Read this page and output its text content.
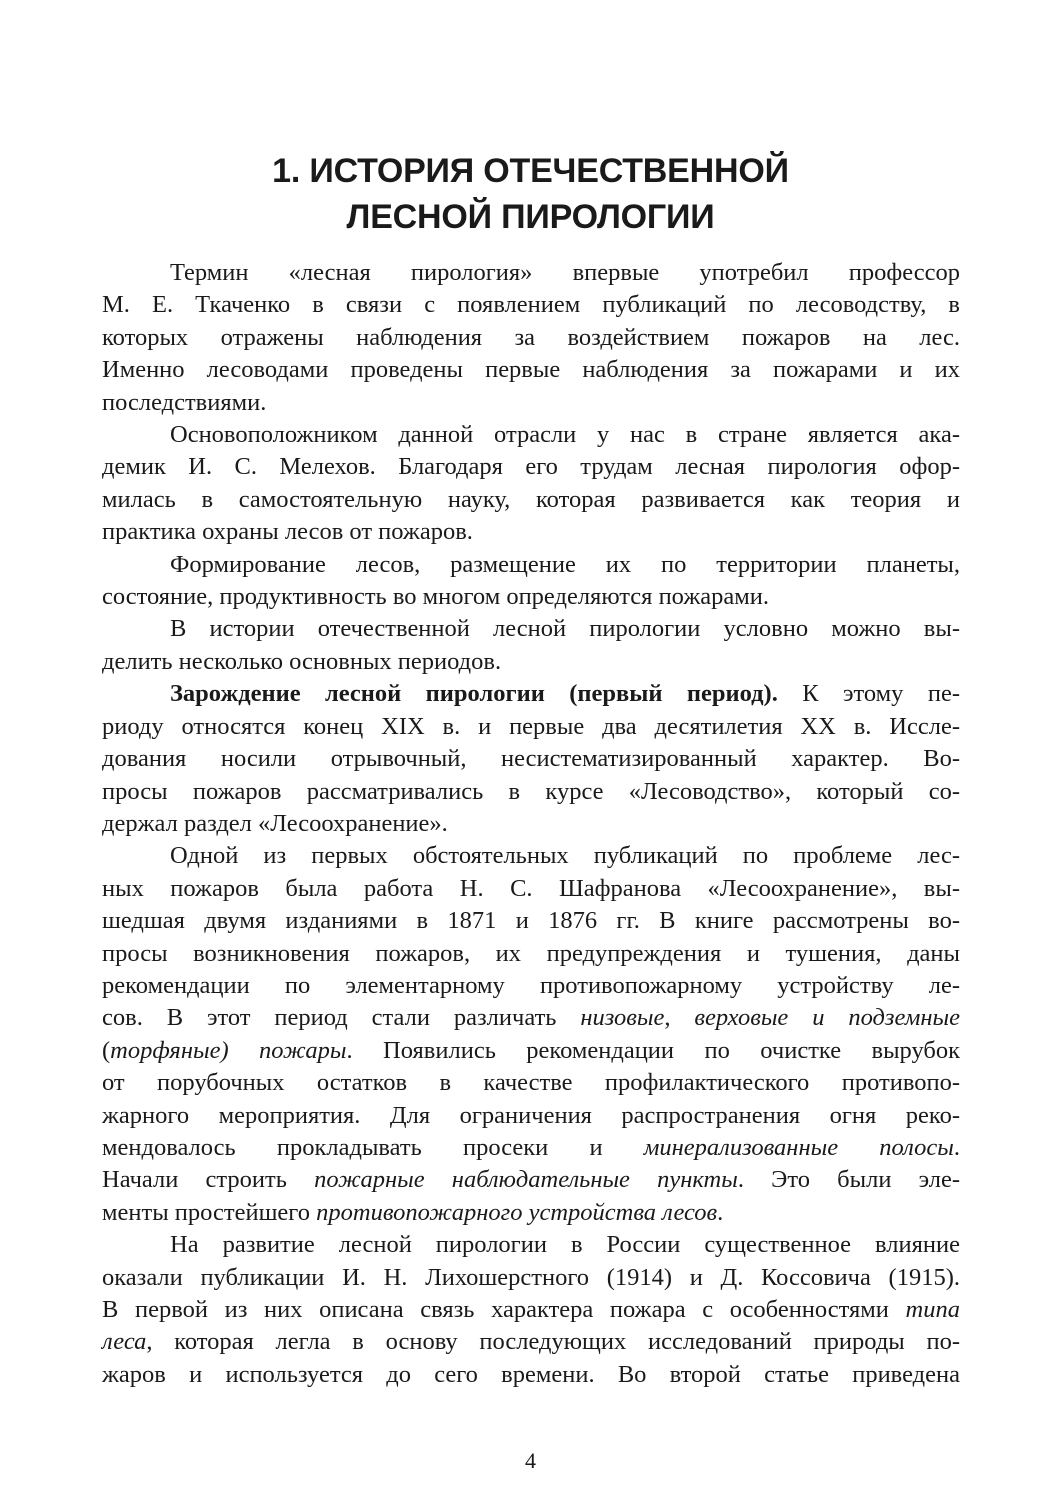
1. ИСТОРИЯ ОТЕЧЕСТВЕННОЙ
ЛЕСНОЙ ПИРОЛОГИИ

Термин «лесная пирология» впервые употребил профессор
М. Е. Ткаченко в связи с появлением публикаций по лесоводству, в
которых отражены наблюдения за воздействием пожаров на лес.
Именно лесоводами проведены первые наблюдения за пожарами и их
последствиями.

Основоположником данной отрасли у нас в стране является ака-
демик И. С. Мелехов. Благодаря его трудам лесная пирология офор-
милась в самостоятельную науку, которая развивается как теория и
практика охраны лесов от пожаров.

Формирование лесов, размещение их по территории планеты,
состояние, продуктивность во многом определяются пожарами.

В истории отечественной лесной пирологии условно можно вы-
делить несколько основных периодов.

Зарождение лесной пирологии (первый период). К этому пе-
риоду относятся конец XIX в. и первые два десятилетия XX в. Иссле-
дования носили отрывочный, несистематизированный характер. Во-
просы пожаров рассматривались в курсе «Лесоводство», который со-
держал раздел «Лесоохранение».

Одной из первых обстоятельных публикаций по проблеме лес-
ных пожаров была работа Н. С. Шафранова «Лесоохранение», вы-
шедшая двумя изданиями в 1871 и 1876 гг. В книге рассмотрены во-
просы возникновения пожаров, их предупреждения и тушения, даны
рекомендации по элементарному противопожарному устройству ле-
сов. В этот период стали различать низовые, верховые и подземные
(торфяные) пожары. Появились рекомендации по очистке вырубок
от порубочных остатков в качестве профилактического противопо-
жарного мероприятия. Для ограничения распространения огня реко-
мендовалось прокладывать просеки и минерализованные полосы.
Начали строить пожарные наблюдательные пункты. Это были эле-
менты простейшего противопожарного устройства лесов.

На развитие лесной пирологии в России существенное влияние
оказали публикации И. Н. Лихошерстного (1914) и Д. Коссовича (1915).
В первой из них описана связь характера пожара с особенностями типа
леса, которая легла в основу последующих исследований природы по-
жаров и используется до сего времени. Во второй статье приведена

4
